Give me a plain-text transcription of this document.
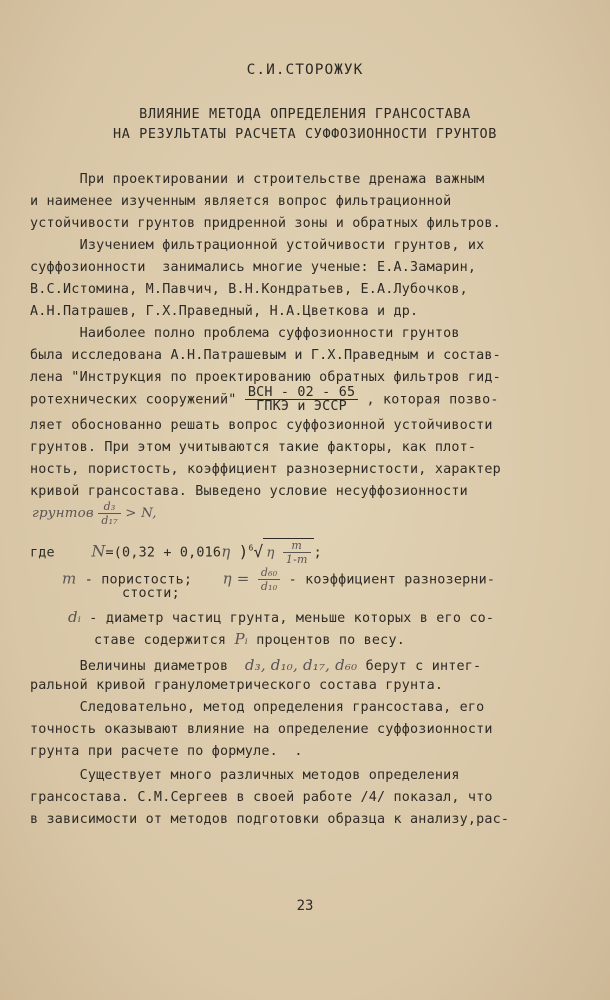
С.И.СТОРОЖУК
ВЛИЯНИЕ МЕТОДА ОПРЕДЕЛЕНИЯ ГРАНСОСТАВА
НА РЕЗУЛЬТАТЫ РАСЧЕТА СУФФОЗИОННОСТИ ГРУНТОВ
При проектировании и строительстве дренажа важным
и наименее изученным является вопрос фильтрационной
устойчивости грунтов придренной зоны и обратных фильтров.
Изучением фильтрационной устойчивости грунтов, их
суффозионности  занимались многие ученые: Е.А.Замарин,
В.С.Истомина, М.Павчич, В.Н.Кондратьев, Е.А.Лубочков,
А.Н.Патрашев, Г.Х.Праведный, Н.А.Цветкова и др.
Наиболее полно проблема суффозионности грунтов
была исследована А.Н.Патрашевым и Г.Х.Праведным и состав-
лена "Инструкция по проектированию обратных фильтров гид-
ротехнических сооружений" $\frac{\text{ВСН - 02 - 65}}{\text{ГПКЭ и ЭССР}}$ , которая позво-
ляет обоснованно решать вопрос суффозионной устойчивости
грунтов. При этом учитываются такие факторы, как плот-
ность, пористость, коэффициент разнозернистости, характер
кривой грансостава. Выведено условие несуффозионности
грунтов $\frac{\text{d₃}}{\text{d₁₇}} > N$,
где N=(0,32 + 0,016η )$^6$√ η $\frac{m}{1-m}$ ;
m - пористость; $\eta = \frac{\text{d₆₀}}{\text{d₁₀}}$ - коэффициент разнозерни-
стости;
dᵢ - диаметр частиц грунта, меньше которых в его со-
ставе содержится Pᵢ процентов по весу.
Величины диаметров d₃, d₁₀, d₁₇, d₆₀ берут с интег-
ральной кривой гранулометрического состава грунта.
Следовательно, метод определения грансостава, его
точность оказывают влияние на определение суффозионности
грунта при расчете по формуле.  .
Существует много различных методов определения
грансостава. С.М.Сергеев в своей работе /4/ показал, что
в зависимости от методов подготовки образца к анализу,рас-
23
